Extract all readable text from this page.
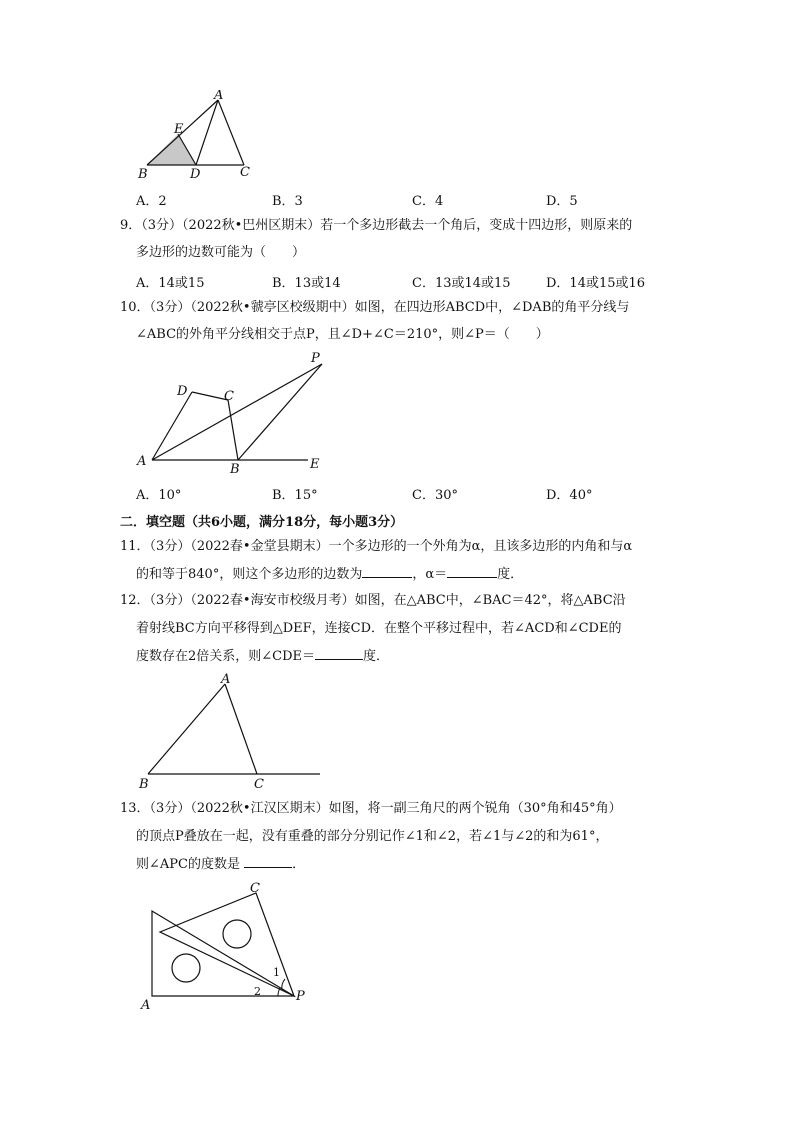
A
E
B	D	C
A．2	B．3	C．4	D．5
9．（3分）（2022秋•巴州区期末）若一个多边形截去一个角后，变成十四边形，则原来的
多边形的边数可能为（　　）
A．14或15	B．13或14	C．13或14或15	D．14或15或16
10．（3分）（2022秋•虢亭区校级期中）如图，在四边形ABCD中，∠DAB的角平分线与
∠ABC的外角平分线相交于点P，且∠D+∠C＝210°，则∠P＝（　　）
P
D	C
A
B	E
A．10°	B．15°	C．30°	D．40°
二．填空题（共6小题，满分18分，每小题3分）
11．（3分）（2022春•金堂县期末）一个多边形的一个外角为α，且该多边形的内角和与α
的和等于840°，则这个多边形的边数为	，α＝	度．
12．（3分）（2022春•海安市校级月考）如图，在△ABC中，∠BAC＝42°，将△ABC沿
着射线BC方向平移得到△DEF，连接CD．在整个平移过程中，若∠ACD和∠CDE的
度数存在2倍关系，则∠CDE＝	度．
A
B	C
13．（3分）（2022秋•江汉区期末）如图，将一副三角尺的两个锐角（30°角和45°角）
的顶点P叠放在一起，没有重叠的部分分别记作∠1和∠2，若∠1与∠2的和为61°，
则∠APC的度数是	．
C
A
P
1
2
